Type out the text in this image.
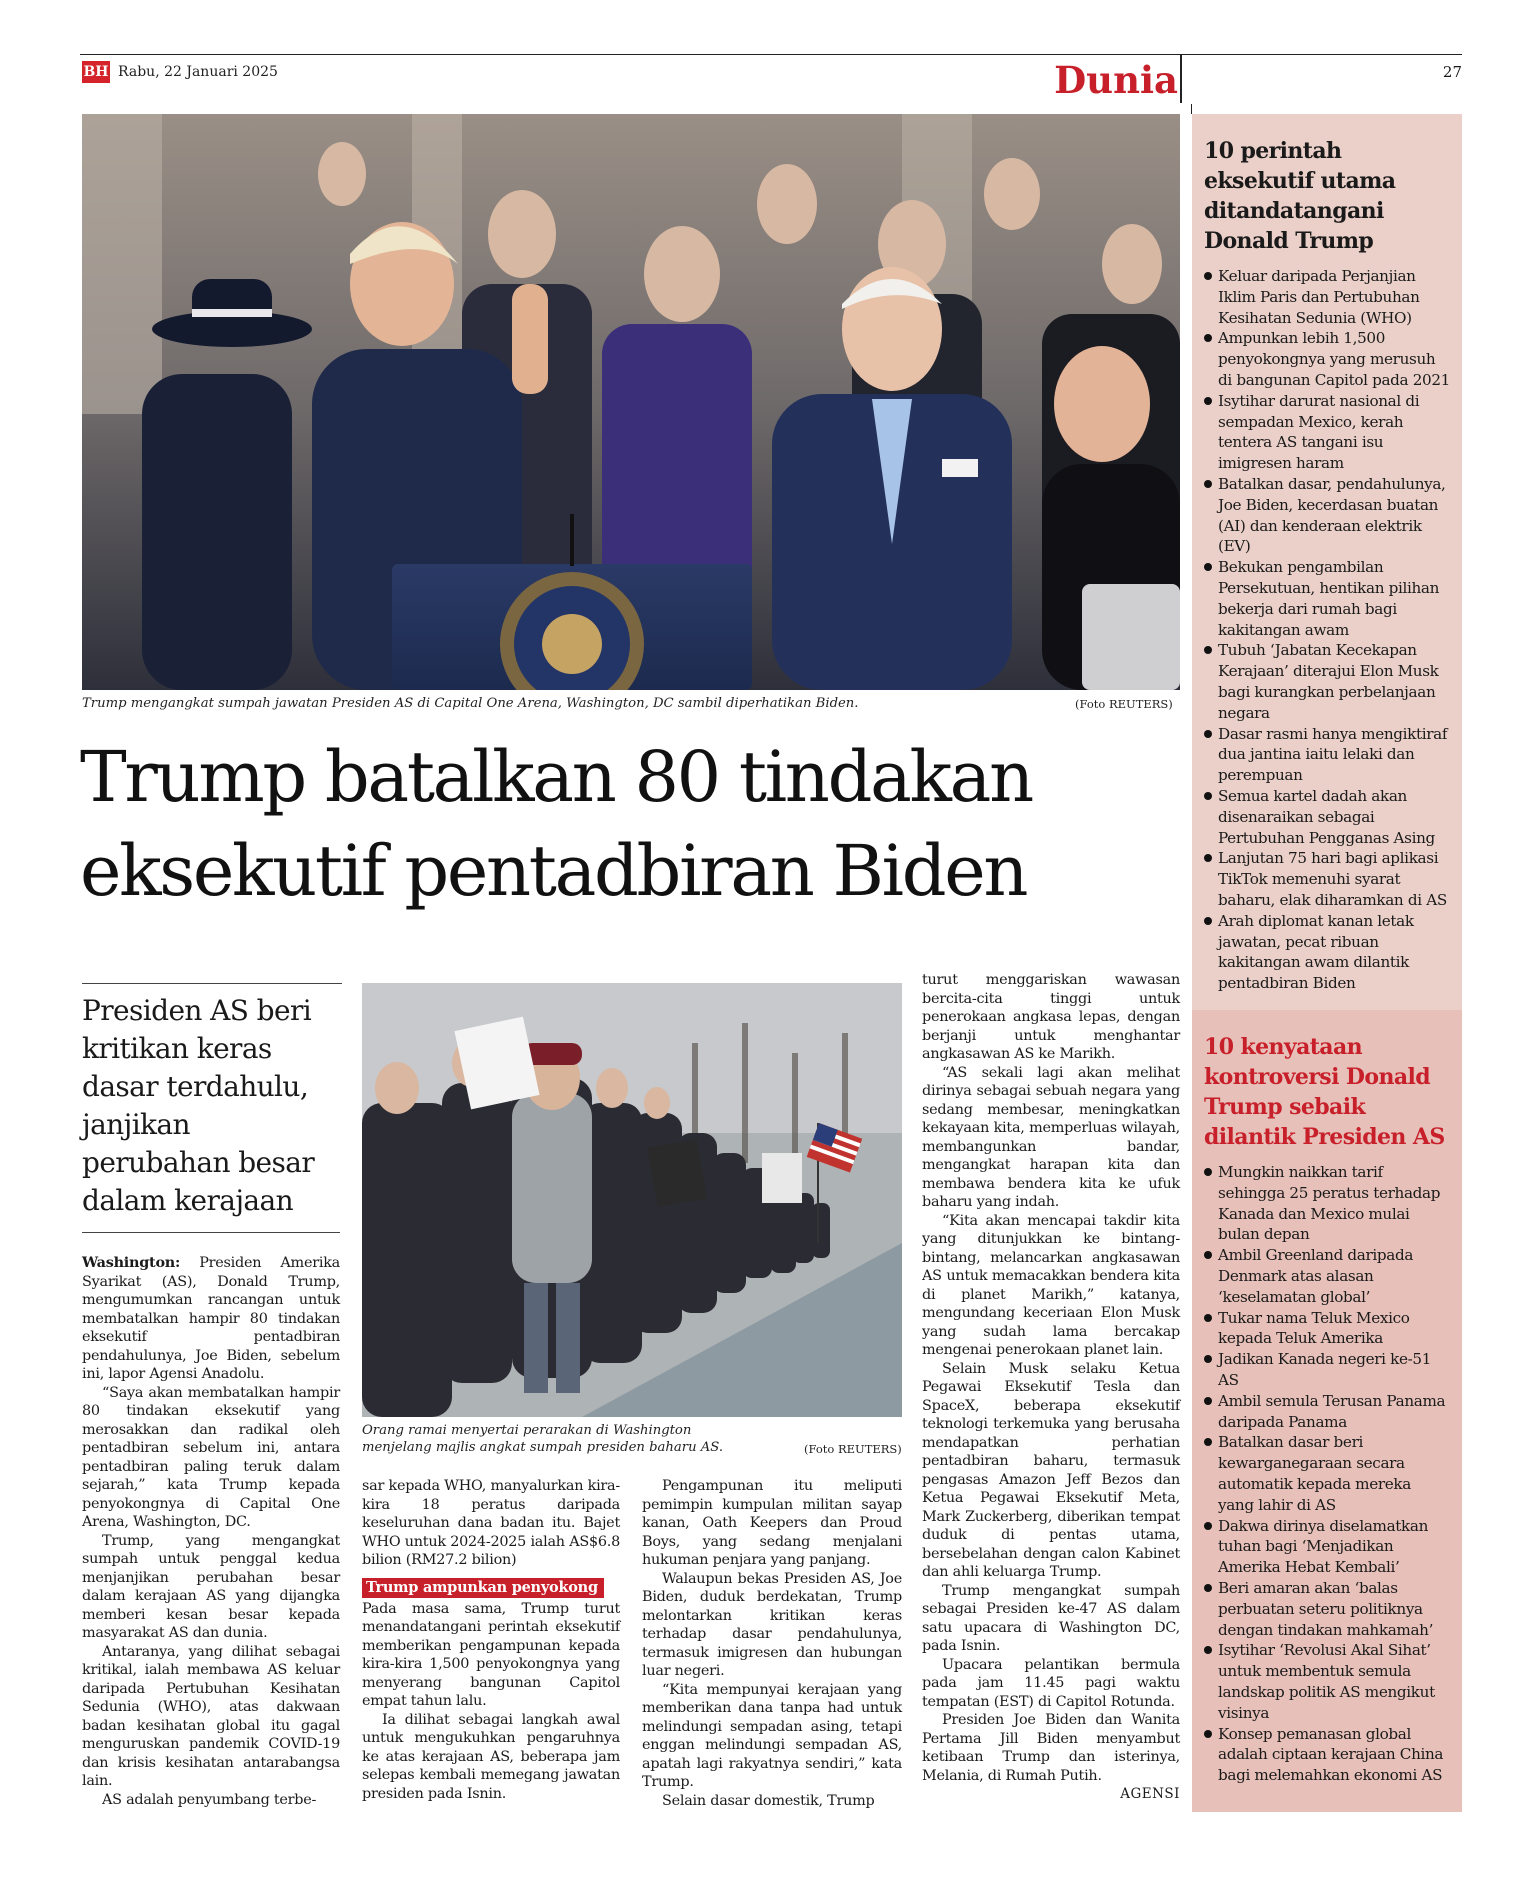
BH Rabu, 22 Januari 2025	Dunia	27
Trump mengangkat sumpah jawatan Presiden AS di Capital One Arena, Washington, DC sambil diperhatikan Biden.	(Foto REUTERS)
Trump batalkan 80 tindakan
eksekutif pentadbiran Biden
Presiden AS beri kritikan keras dasar terdahulu, janjikan perubahan besar dalam kerajaan
Orang ramai menyertai perarakan di Washington menjelang majlis angkat sumpah presiden baharu AS.	(Foto REUTERS)

Washington: Presiden Amerika Syarikat (AS), Donald Trump, mengumumkan rancangan untuk membatalkan hampir 80 tindakan eksekutif pentadbiran pendahulunya, Joe Biden, sebelum ini, lapor Agensi Anadolu.

“Saya akan membatalkan hampir 80 tindakan eksekutif yang merosakkan dan radikal oleh pentadbiran sebelum ini, antara pentadbiran paling teruk dalam sejarah,” kata Trump kepada penyokongnya di Capital One Arena, Washington, DC.

Trump, yang mengangkat sumpah untuk penggal kedua menjanjikan perubahan besar dalam kerajaan AS yang dijangka memberi kesan besar kepada masyarakat AS dan dunia.

Antaranya, yang dilihat sebagai kritikal, ialah membawa AS keluar daripada Pertubuhan Kesihatan Sedunia (WHO), atas dakwaan badan kesihatan global itu gagal menguruskan pandemik COVID-19 dan krisis kesihatan antarabangsa lain.

AS adalah penyumbang terbe-

sar kepada WHO, manyalurkan kira-kira 18 peratus daripada keseluruhan dana badan itu. Bajet WHO untuk 2024-2025 ialah AS$6.8 bilion (RM27.2 bilion)

Trump ampunkan penyokong

Pada masa sama, Trump turut menandatangani perintah eksekutif memberikan pengampunan kepada kira-kira 1,500 penyokongnya yang menyerang bangunan Capitol empat tahun lalu.

Ia dilihat sebagai langkah awal untuk mengukuhkan pengaruhnya ke atas kerajaan AS, beberapa jam selepas kembali memegang jawatan presiden pada Isnin.

Pengampunan itu meliputi pemimpin kumpulan militan sayap kanan, Oath Keepers dan Proud Boys, yang sedang menjalani hukuman penjara yang panjang.

Walaupun bekas Presiden AS, Joe Biden, duduk berdekatan, Trump melontarkan kritikan keras terhadap dasar pendahulunya, termasuk imigresen dan hubungan luar negeri.

“Kita mempunyai kerajaan yang memberikan dana tanpa had untuk melindungi sempadan asing, tetapi enggan melindungi sempadan AS, apatah lagi rakyatnya sendiri,” kata Trump.

Selain dasar domestik, Trump

turut menggariskan wawasan bercita-cita tinggi untuk penerokaan angkasa lepas, dengan berjanji untuk menghantar angkasawan AS ke Marikh.

“AS sekali lagi akan melihat dirinya sebagai sebuah negara yang sedang membesar, meningkatkan kekayaan kita, memperluas wilayah, membangunkan bandar, mengangkat harapan kita dan membawa bendera kita ke ufuk baharu yang indah.

“Kita akan mencapai takdir kita yang ditunjukkan ke bintang-bintang, melancarkan angkasawan AS untuk memacakkan bendera kita di planet Marikh,” katanya, mengundang keceriaan Elon Musk yang sudah lama bercakap mengenai penerokaan planet lain.

Selain Musk selaku Ketua Pegawai Eksekutif Tesla dan SpaceX, beberapa eksekutif teknologi terkemuka yang berusaha mendapatkan perhatian pentadbiran baharu, termasuk pengasas Amazon Jeff Bezos dan Ketua Pegawai Eksekutif Meta, Mark Zuckerberg, diberikan tempat duduk di pentas utama, bersebelahan dengan calon Kabinet dan ahli keluarga Trump.

Trump mengangkat sumpah sebagai Presiden ke-47 AS dalam satu upacara di Washington DC, pada Isnin.

Upacara pelantikan bermula pada jam 11.45 pagi waktu tempatan (EST) di Capitol Rotunda.

Presiden Joe Biden dan Wanita Pertama Jill Biden menyambut ketibaan Trump dan isterinya, Melania, di Rumah Putih.

AGENSI
10 perintah eksekutif utama ditandatangani Donald Trump
Keluar daripada Perjanjian Iklim Paris dan Pertubuhan Kesihatan Sedunia (WHO)
Ampunkan lebih 1,500 penyokongnya yang merusuh di bangunan Capitol pada 2021
Isytihar darurat nasional di sempadan Mexico, kerah tentera AS tangani isu imigresen haram
Batalkan dasar, pendahulunya, Joe Biden, kecerdasan buatan (AI) dan kenderaan elektrik (EV)
Bekukan pengambilan Persekutuan, hentikan pilihan bekerja dari rumah bagi kakitangan awam
Tubuh ‘Jabatan Kecekapan Kerajaan’ diterajui Elon Musk bagi kurangkan perbelanjaan negara
Dasar rasmi hanya mengiktiraf dua jantina iaitu lelaki dan perempuan
Semua kartel dadah akan disenaraikan sebagai Pertubuhan Pengganas Asing
Lanjutan 75 hari bagi aplikasi TikTok memenuhi syarat baharu, elak diharamkan di AS
Arah diplomat kanan letak jawatan, pecat ribuan kakitangan awam dilantik pentadbiran Biden
10 kenyataan kontroversi Donald Trump sebaik dilantik Presiden AS
Mungkin naikkan tarif sehingga 25 peratus terhadap Kanada dan Mexico mulai bulan depan
Ambil Greenland daripada Denmark atas alasan ‘keselamatan global’
Tukar nama Teluk Mexico kepada Teluk Amerika
Jadikan Kanada negeri ke-51 AS
Ambil semula Terusan Panama daripada Panama
Batalkan dasar beri kewarganegaraan secara automatik kepada mereka yang lahir di AS
Dakwa dirinya diselamatkan tuhan bagi ‘Menjadikan Amerika Hebat Kembali’
Beri amaran akan ‘balas perbuatan seteru politiknya dengan tindakan mahkamah’
Isytihar ‘Revolusi Akal Sihat’ untuk membentuk semula landskap politik AS mengikut visinya
Konsep pemanasan global adalah ciptaan kerajaan China bagi melemahkan ekonomi AS
